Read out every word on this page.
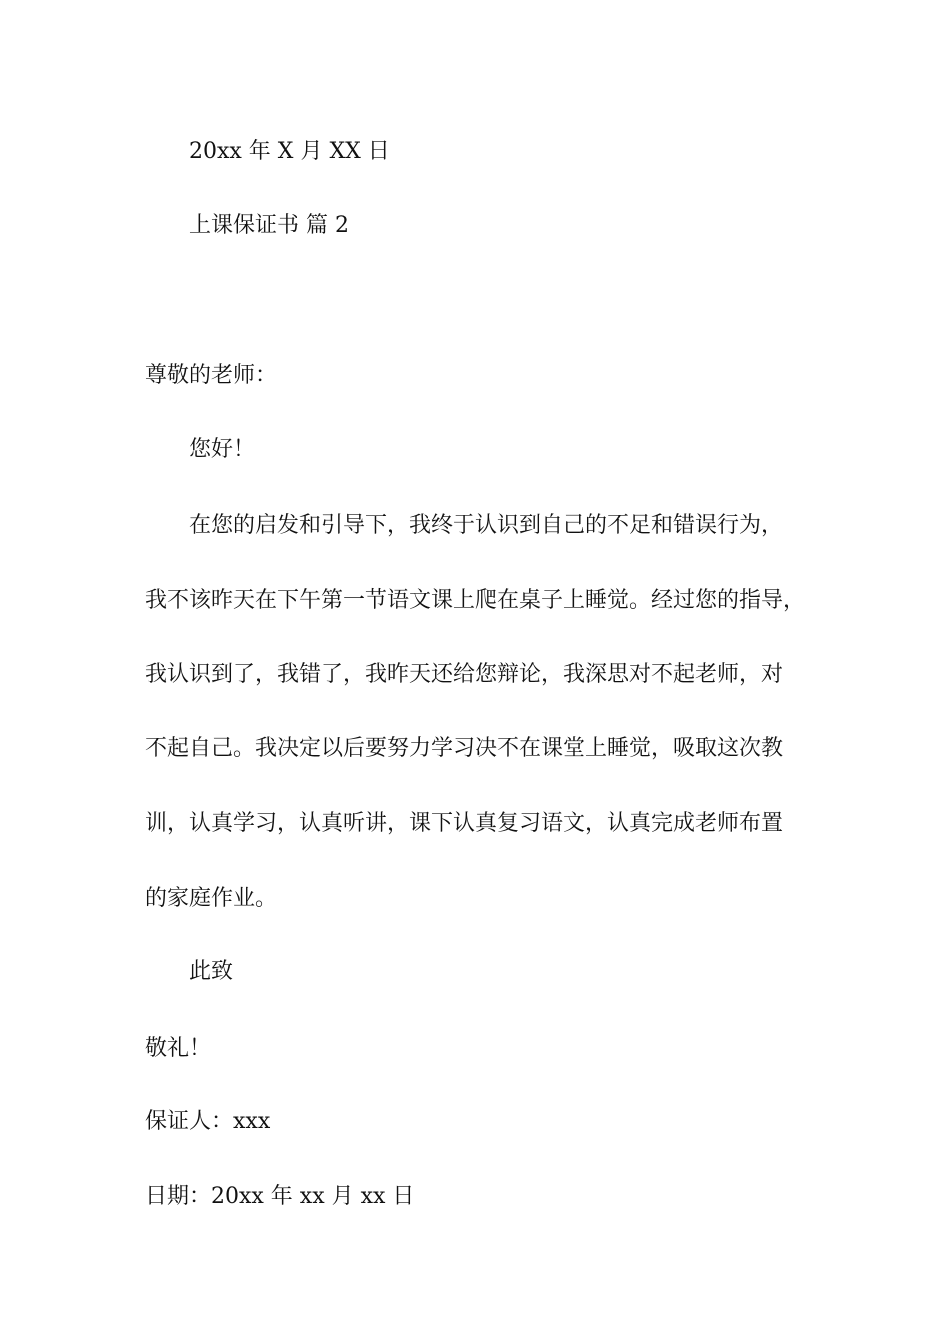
20xx 年 X 月 XX 日

上课保证书 篇 2

尊敬的老师：

您好！

在您的启发和引导下，我终于认识到自己的不足和错误行为，

我不该昨天在下午第一节语文课上爬在桌子上睡觉。经过您的指导，

我认识到了，我错了，我昨天还给您辩论，我深思对不起老师，对

不起自己。我决定以后要努力学习决不在课堂上睡觉，吸取这次教

训，认真学习，认真听讲，课下认真复习语文，认真完成老师布置

的家庭作业。

此致

敬礼！

保证人：xxx

日期：20xx 年 xx 月 xx 日
